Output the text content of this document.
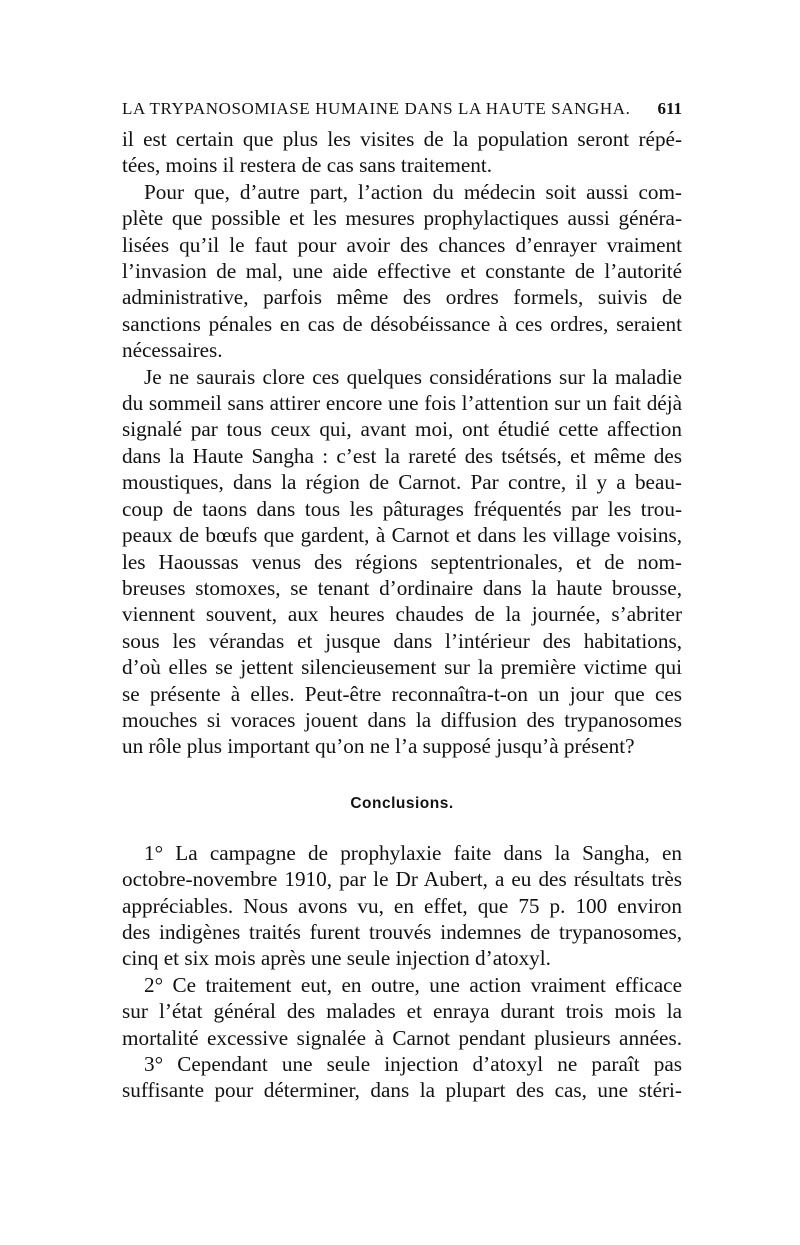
LA TRYPANOSOMIASE HUMAINE DANS LA HAUTE SANGHA. 611

il est certain que plus les visites de la population seront répé-
tées, moins il restera de cas sans traitement.

Pour que, d’autre part, l’action du médecin soit aussi com-
plète que possible et les mesures prophylactiques aussi généra-
lisées qu’il le faut pour avoir des chances d’enrayer vraiment
l’invasion de mal, une aide effective et constante de l’autorité
administrative, parfois même des ordres formels, suivis de
sanctions pénales en cas de désobéissance à ces ordres, seraient
nécessaires.

Je ne saurais clore ces quelques considérations sur la maladie
du sommeil sans attirer encore une fois l’attention sur un fait déjà
signalé par tous ceux qui, avant moi, ont étudié cette affection
dans la Haute Sangha : c’est la rareté des tsétsés, et même des
moustiques, dans la région de Carnot. Par contre, il y a beau-
coup de taons dans tous les pâturages fréquentés par les trou-
peaux de bœufs que gardent, à Carnot et dans les village voisins,
les Haoussas venus des régions septentrionales, et de nom-
breuses stomoxes, se tenant d’ordinaire dans la haute brousse,
viennent souvent, aux heures chaudes de la journée, s’abriter
sous les vérandas et jusque dans l’intérieur des habitations,
d’où elles se jettent silencieusement sur la première victime qui
se présente à elles. Peut-être reconnaîtra-t-on un jour que ces
mouches si voraces jouent dans la diffusion des trypanosomes
un rôle plus important qu’on ne l’a supposé jusqu’à présent?

Conclusions.

1° La campagne de prophylaxie faite dans la Sangha, en
octobre-novembre 1910, par le Dr Aubert, a eu des résultats très
appréciables. Nous avons vu, en effet, que 75 p. 100 environ
des indigènes traités furent trouvés indemnes de trypanosomes,
cinq et six mois après une seule injection d’atoxyl.

2° Ce traitement eut, en outre, une action vraiment efficace
sur l’état général des malades et enraya durant trois mois la
mortalité excessive signalée à Carnot pendant plusieurs années.

3° Cependant une seule injection d’atoxyl ne paraît pas
suffisante pour déterminer, dans la plupart des cas, une stéri-
